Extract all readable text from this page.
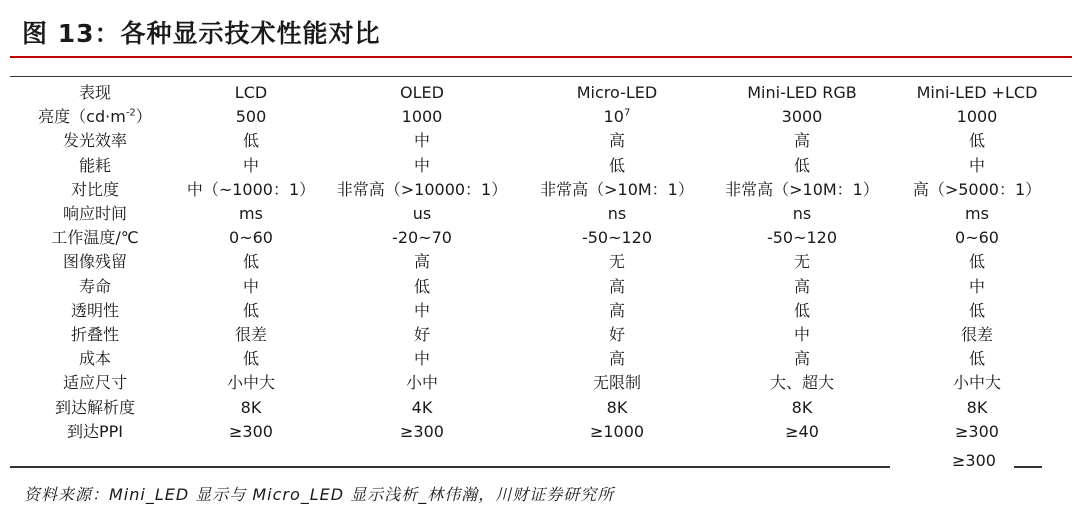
图 13：各种显示技术性能对比
表现	LCD	OLED	Micro-LED	Mini-LED RGB	Mini-LED +LCD
亮度$(cd\cdot m^{-2})$	500	1000	$10^7$	3000	1000
发光效率	低	中	高	高	低
能耗	中	中	低	低	中
对比度	中（~1000：1）	非常高（>10000：1）	非常高（>10M：1）	非常高（>10M：1）	高（>5000：1）
响应时间	ms	us	ns	ns	ms
工作温度/℃	0~60	-20~70	-50~120	-50~120	0~60
图像残留	低	高	无	无	低
寿命	中	低	高	高	中
透明性	低	中	高	低	低
折叠性	很差	好	好	中	很差
成本	低	中	高	高	低
适应尺寸	小中大	小中	无限制	大、超大	小中大
到达解析度	8K	4K	8K	8K	8K
到达PPI	≥300	≥300	≥1000	≥40	≥300
≥300
资料来源：Mini_LED 显示与 Micro_LED 显示浅析_林伟瀚，川财证券研究所
